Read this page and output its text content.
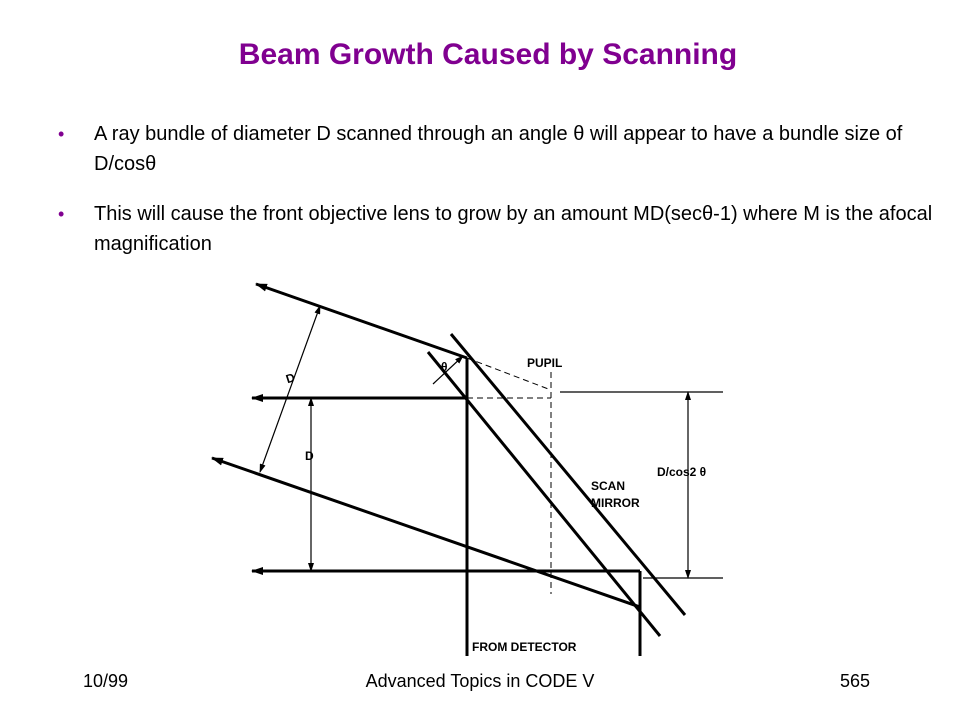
Beam Growth Caused by Scanning
• A ray bundle of diameter D scanned through an angle θ will appear to have a bundle size of D/cosθ
• This will cause the front objective lens to grow by an amount MD(secθ-1) where M is the afocal magnification
D
D
θ	PUPIL
D/cos2 θ
SCAN
MIRROR
FROM DETECTOR
10/99	Advanced Topics in CODE V	565
